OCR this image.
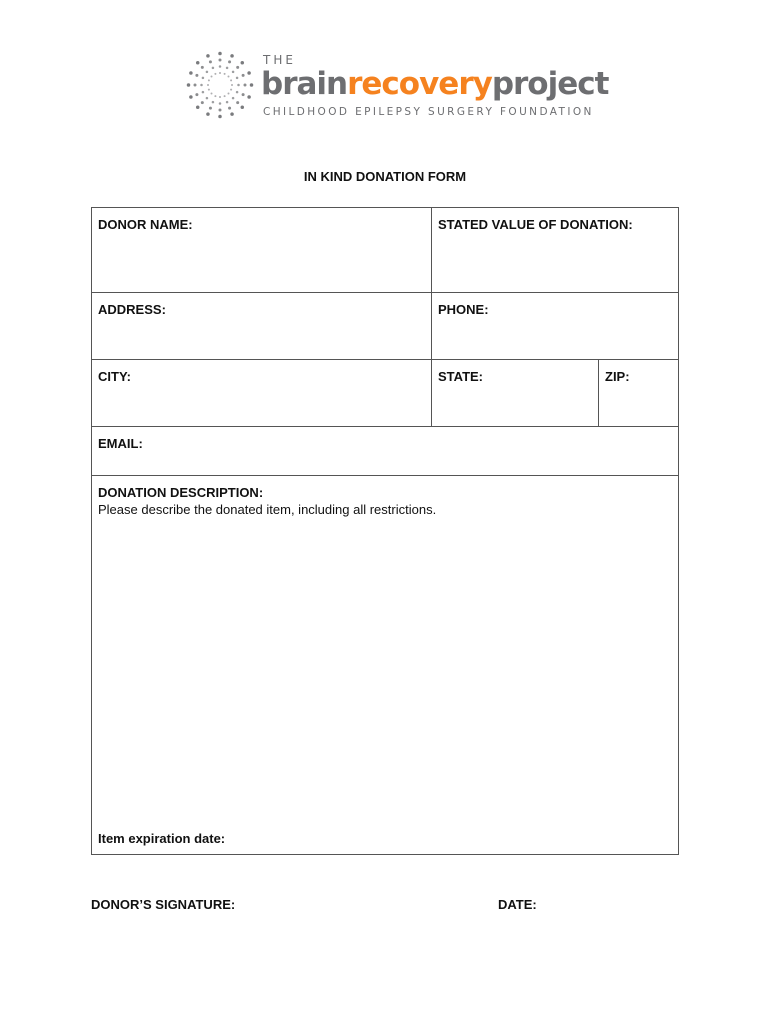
THE
brainrecoveryproject
CHILDHOOD EPILEPSY SURGERY FOUNDATION
IN KIND DONATION FORM
DONOR NAME:	STATED VALUE OF DONATION:
ADDRESS:	PHONE:
CITY:	STATE:	ZIP:
EMAIL:
DONATION DESCRIPTION:
Please describe the donated item, including all restrictions.
Item expiration date:
DONOR’S SIGNATURE:	DATE:
